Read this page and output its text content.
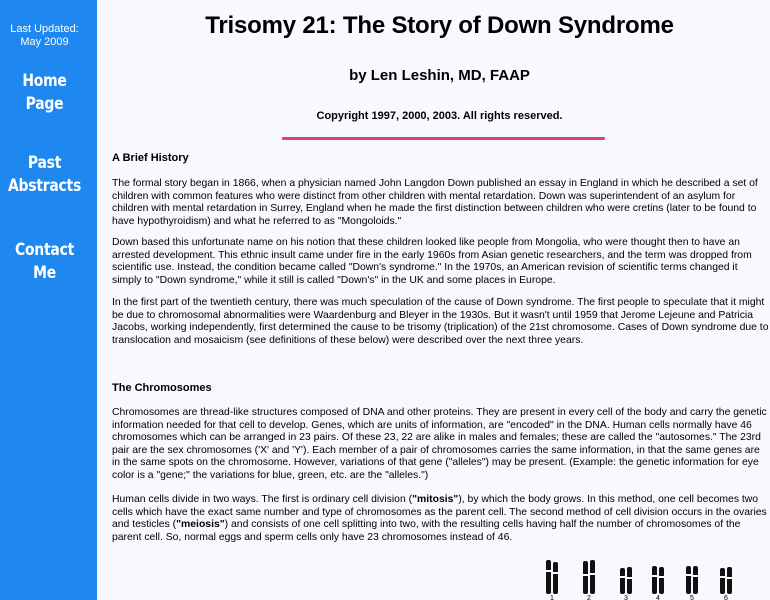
Last Updated:
May 2009
Home Page
Past
Abstracts
Contact Me
Trisomy 21: The Story of Down Syndrome
by Len Leshin, MD, FAAP
Copyright 1997, 2000, 2003. All rights reserved.
A Brief History

The formal story began in 1866, when a physician named John Langdon Down published an essay in England in which he described a set of children with common features who were distinct from other children with mental retardation. Down was superintendent of an asylum for children with mental retardation in Surrey, England when he made the first distinction between children who were cretins (later to be found to have hypothyroidism) and what he referred to as "Mongoloids."

Down based this unfortunate name on his notion that these children looked like people from Mongolia, who were thought then to have an arrested development. This ethnic insult came under fire in the early 1960s from Asian genetic researchers, and the term was dropped from scientific use. Instead, the condition became called "Down's syndrome." In the 1970s, an American revision of scientific terms changed it simply to "Down syndrome," while it still is called "Down's" in the UK and some places in Europe.

In the first part of the twentieth century, there was much speculation of the cause of Down syndrome. The first people to speculate that it might be due to chromosomal abnormalities were Waardenburg and Bleyer in the 1930s. But it wasn't until 1959 that Jerome Lejeune and Patricia Jacobs, working independently, first determined the cause to be trisomy (triplication) of the 21st chromosome. Cases of Down syndrome due to translocation and mosaicism (see definitions of these below) were described over the next three years.

The Chromosomes

Chromosomes are thread-like structures composed of DNA and other proteins. They are present in every cell of the body and carry the genetic information needed for that cell to develop. Genes, which are units of information, are "encoded" in the DNA. Human cells normally have 46 chromosomes which can be arranged in 23 pairs. Of these 23, 22 are alike in males and females; these are called the "autosomes." The 23rd pair are the sex chromosomes ('X' and 'Y'). Each member of a pair of chromosomes carries the same information, in that the same genes are in the same spots on the chromosome. However, variations of that gene ("alleles") may be present. (Example: the genetic information for eye color is a "gene;" the variations for blue, green, etc. are the "alleles.")

Human cells divide in two ways. The first is ordinary cell division ("mitosis"), by which the body grows. In this method, one cell becomes two cells which have the exact same number and type of chromosomes as the parent cell. The second method of cell division occurs in the ovaries and testicles ("meiosis") and consists of one cell splitting into two, with the resulting cells having half the number of chromosomes of the parent cell. So, normal eggs and sperm cells only have 23 chromosomes instead of 46.

1	2	3	4	5	6
